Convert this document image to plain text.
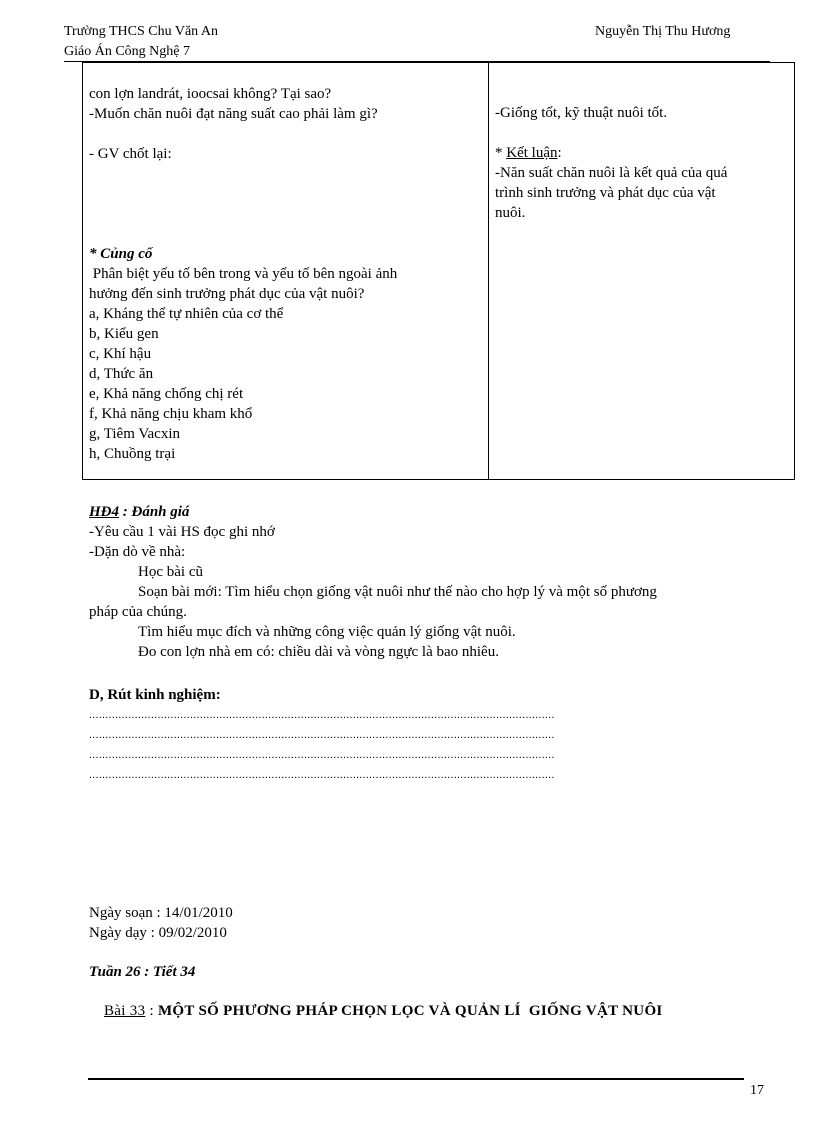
Trường THCS Chu Văn An
Giáo Án Công Nghệ 7
Nguyễn Thị Thu Hương
con lợn landrát, ioocsai không? Tại sao?
-Muốn chăn nuôi đạt năng suất cao phải làm gì?
- GV chốt lại:
* Củng cố
Phân biệt yếu tố bên trong và yếu tố bên ngoài ảnh
hưởng đến sinh trưởng phát dục của vật nuôi?
a, Kháng thể tự nhiên của cơ thể
b, Kiểu gen
c, Khí hậu
d, Thức ăn
e, Khả năng chống chị rét
f, Khả năng chịu kham khổ
g, Tiêm Vacxin
h, Chuồng trại
-Giống tốt, kỹ thuật nuôi tốt.
* Kết luận:
-Năn suất chăn nuôi là kết quả của quá
trình sinh trưởng và phát dục của vật
nuôi.
HĐ4 : Đánh giá
-Yêu cầu 1 vài HS đọc ghi nhớ
-Dặn dò về nhà:
Học bài cũ
Soạn bài mới: Tìm hiểu chọn giống vật nuôi như thế nào cho hợp lý và một số phương
pháp của chúng.
Tìm hiểu mục đích và những công việc quản lý giống vật nuôi.
Đo con lợn nhà em có: chiều dài và vòng ngực là bao nhiêu.
D, Rút kinh nghiệm:
...............................................................................................................................................
...............................................................................................................................................
...............................................................................................................................................
...............................................................................................................................................
Ngày soạn : 14/01/2010
Ngày dạy : 09/02/2010
Tuần 26 : Tiết 34
Bài 33 : MỘT SỐ PHƯƠNG PHÁP CHỌN LỌC VÀ QUẢN LÍ  GIỐNG VẬT NUÔI
17
